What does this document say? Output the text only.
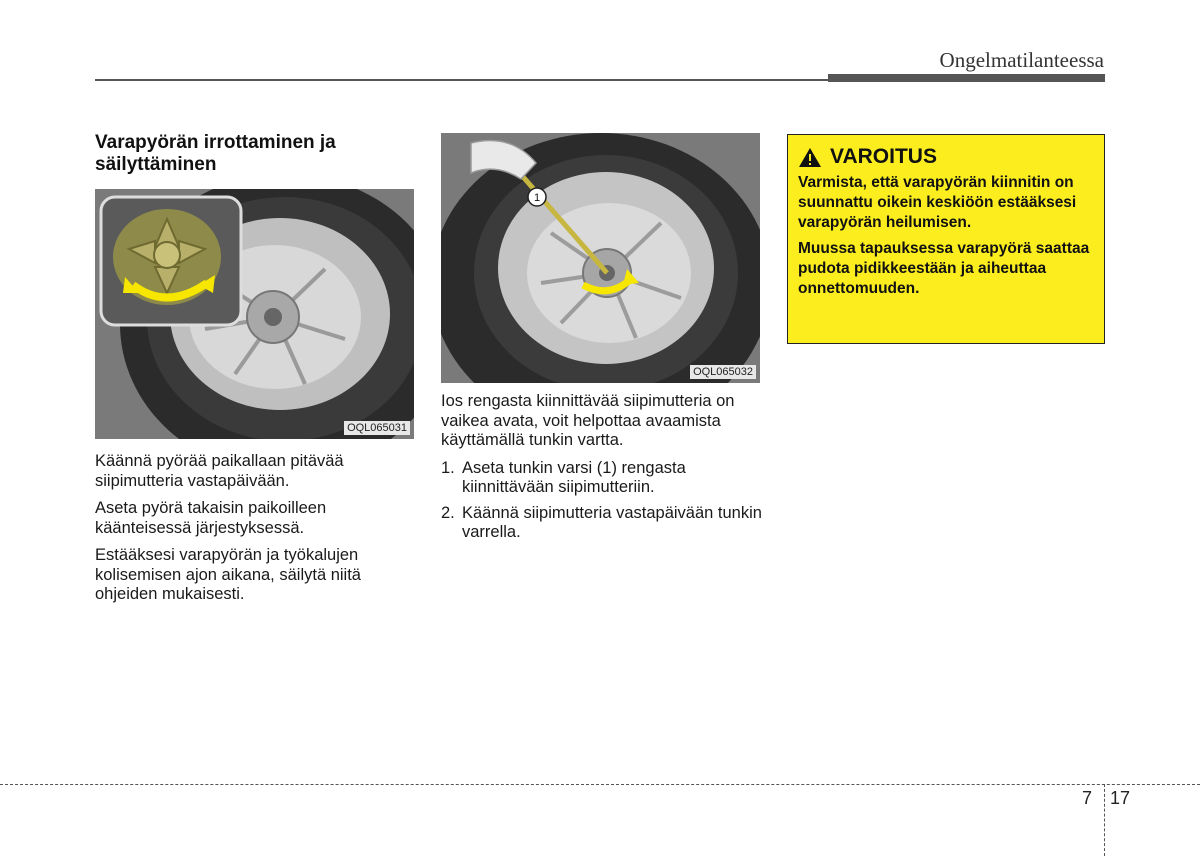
Ongelmatilanteessa
Varapyörän irrottaminen ja säilyttäminen
OQL065031
1
OQL065032

Käännä pyörää paikallaan pitävää siipimutteria vastapäivään.

Aseta pyörä takaisin paikoilleen käänteisessä järjestyksessä.

Estääksesi varapyörän ja työkalujen kolisemisen ajon aikana, säilytä niitä ohjeiden mukaisesti.

Ios rengasta kiinnittävää siipimutteria on vaikea avata, voit helpottaa avaamista käyttämällä tunkin vartta.

1. Aseta tunkin varsi (1) rengasta kiinnittävään siipimutteriin.
2. Käännä siipimutteria vastapäivään tunkin varrella.
VAROITUS

Varmista, että varapyörän kiinnitin on suunnattu oikein keskiöön estääksesi varapyörän heilumisen.

Muussa tapauksessa varapyörä saattaa pudota pidikkeestään ja aiheuttaa onnettomuuden.

7 17
